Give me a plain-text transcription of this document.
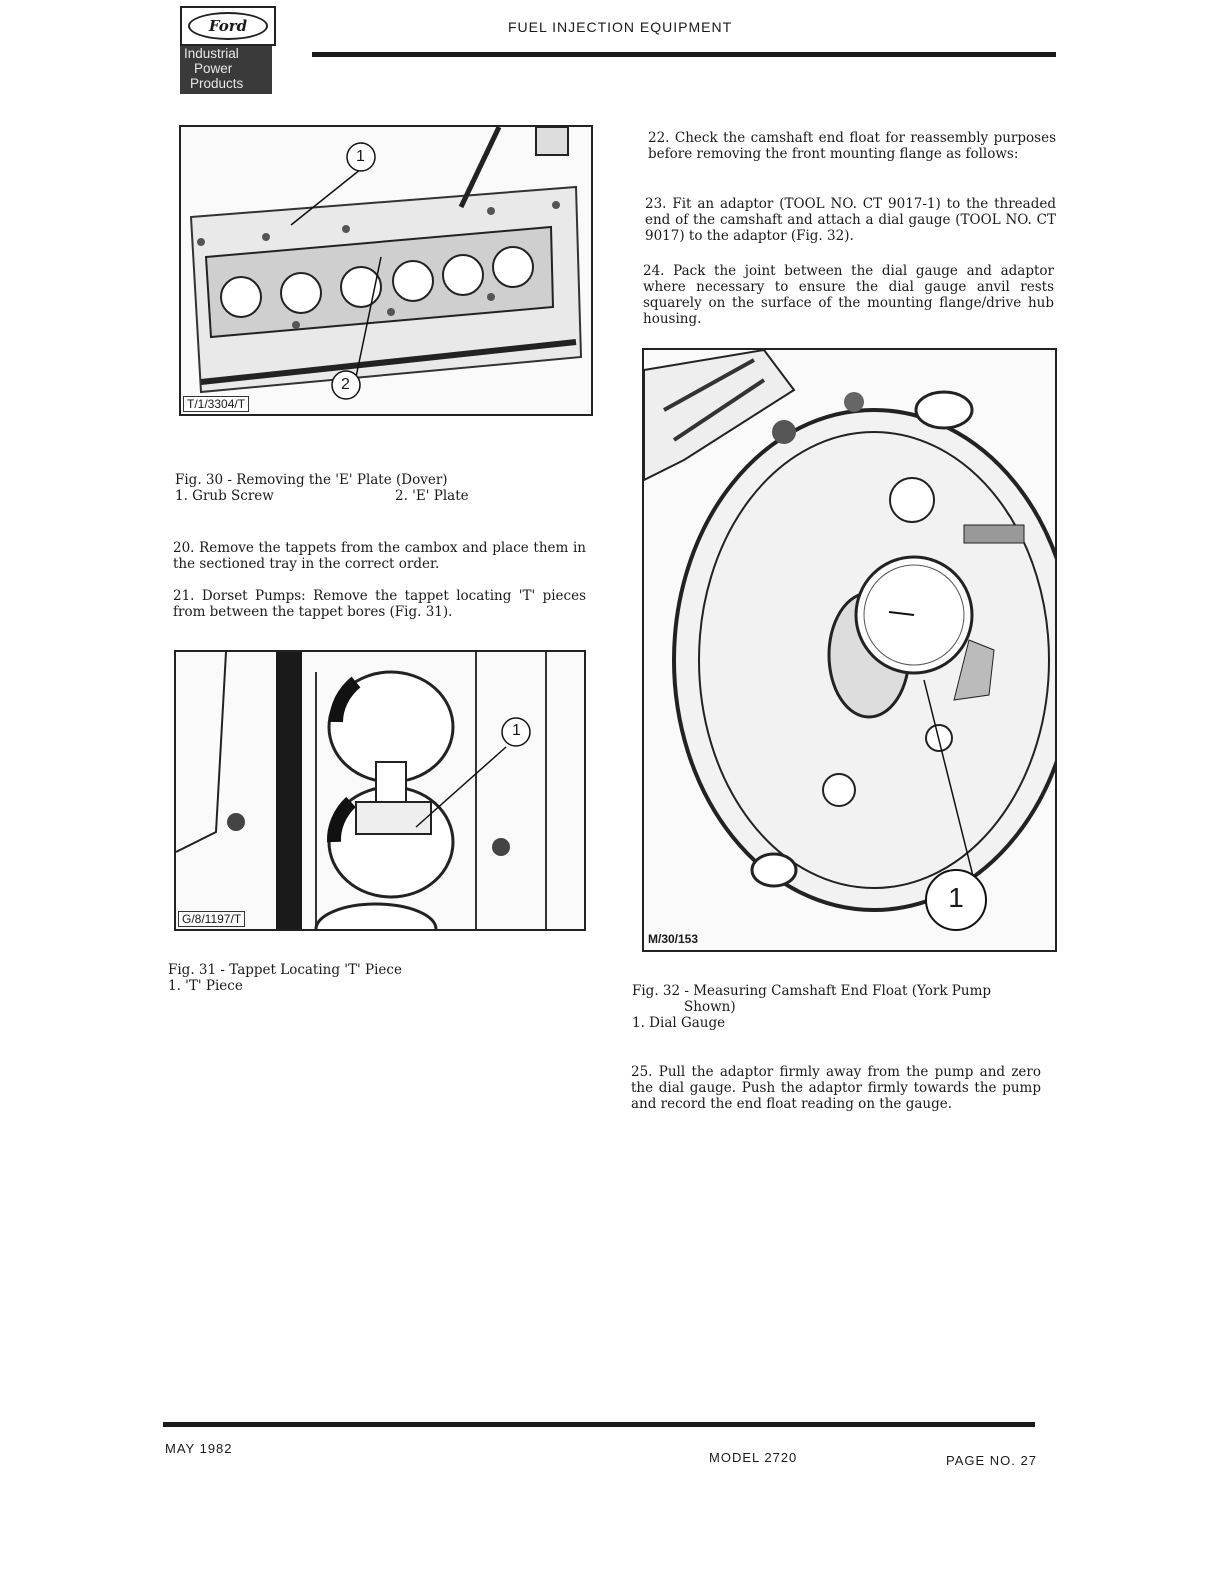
Ford
Industrial
Power
Products
FUEL INJECTION EQUIPMENT
1
2
T/1/3304/T
Fig. 30 - Removing the 'E' Plate (Dover)
1. Grub Screw	2. 'E' Plate
20. Remove the tappets from the cambox and place them in the sectioned tray in the correct order.
21. Dorset Pumps: Remove the tappet locating 'T' pieces from between the tappet bores (Fig. 31).
1
G/8/1197/T
Fig. 31 - Tappet Locating 'T' Piece
1. 'T' Piece
22. Check the camshaft end float for reassembly purposes before removing the front mounting flange as follows:
23. Fit an adaptor (TOOL NO. CT 9017-1) to the threaded end of the camshaft and attach a dial gauge (TOOL NO. CT 9017) to the adaptor (Fig. 32).
24. Pack the joint between the dial gauge and adaptor where necessary to ensure the dial gauge anvil rests squarely on the surface of the mounting flange/drive hub housing.
1
M/30/153
Fig. 32 - Measuring Camshaft End Float (York Pump
Shown)
1. Dial Gauge
25. Pull the adaptor firmly away from the pump and zero the dial gauge. Push the adaptor firmly towards the pump and record the end float reading on the gauge.
MAY 1982
MODEL 2720	PAGE NO. 27
